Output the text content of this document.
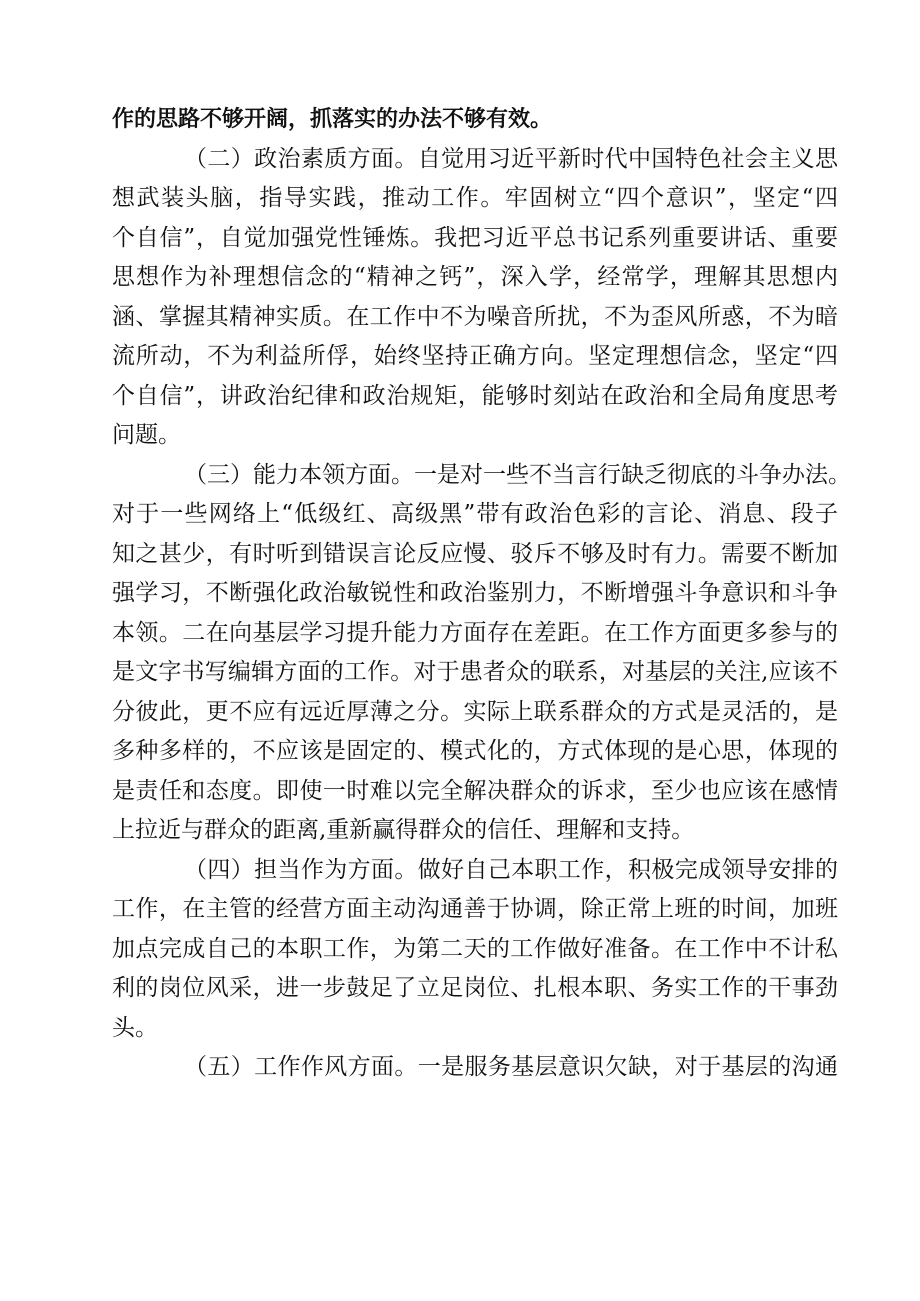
作的思路不够开阔，抓落实的办法不够有效。
（二）政治素质方面。自觉用习近平新时代中国特色社会主义思
想武装头脑，指导实践，推动工作。牢固树立“四个意识”，坚定“四
个自信”，自觉加强党性锤炼。我把习近平总书记系列重要讲话、重要
思想作为补理想信念的“精神之钙”，深入学，经常学，理解其思想内
涵、掌握其精神实质。在工作中不为噪音所扰，不为歪风所惑，不为暗
流所动，不为利益所俘，始终坚持正确方向。坚定理想信念，坚定“四
个自信”，讲政治纪律和政治规矩，能够时刻站在政治和全局角度思考
问题。
（三）能力本领方面。一是对一些不当言行缺乏彻底的斗争办法。
对于一些网络上“低级红、高级黑”带有政治色彩的言论、消息、段子
知之甚少，有时听到错误言论反应慢、驳斥不够及时有力。需要不断加
强学习，不断强化政治敏锐性和政治鉴别力，不断增强斗争意识和斗争
本领。二在向基层学习提升能力方面存在差距。在工作方面更多参与的
是文字书写编辑方面的工作。对于患者众的联系，对基层的关注,应该不
分彼此，更不应有远近厚薄之分。实际上联系群众的方式是灵活的，是
多种多样的，不应该是固定的、模式化的，方式体现的是心思，体现的
是责任和态度。即使一时难以完全解决群众的诉求，至少也应该在感情
上拉近与群众的距离,重新赢得群众的信任、理解和支持。
（四）担当作为方面。做好自己本职工作，积极完成领导安排的
工作，在主管的经营方面主动沟通善于协调，除正常上班的时间，加班
加点完成自己的本职工作，为第二天的工作做好准备。在工作中不计私
利的岗位风采，进一步鼓足了立足岗位、扎根本职、务实工作的干事劲
头。
（五）工作作风方面。一是服务基层意识欠缺，对于基层的沟通
